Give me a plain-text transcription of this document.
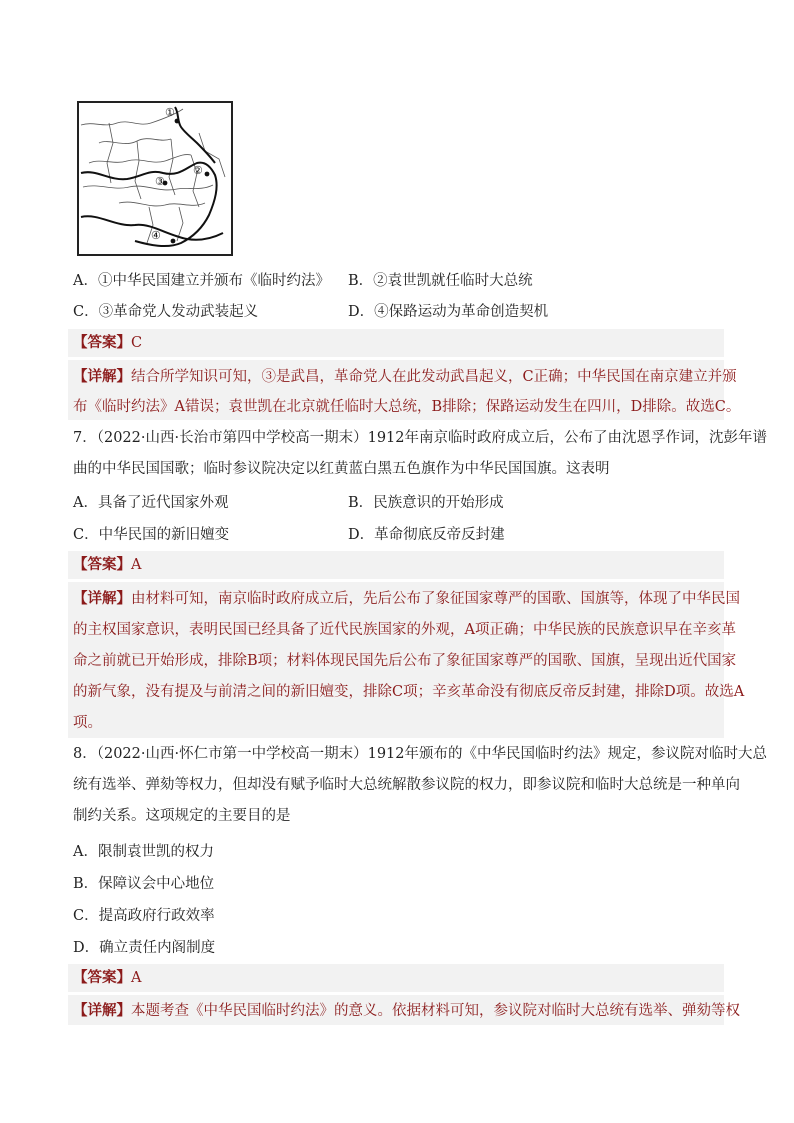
①
②
③
④
A．①中华民国建立并颁布《临时约法》 B．②袁世凯就任临时大总统
C．③革命党人发动武装起义	D．④保路运动为革命创造契机
【答案】C
【详解】结合所学知识可知，③是武昌，革命党人在此发动武昌起义，C正确；中华民国在南京建立并颁
布《临时约法》A错误；袁世凯在北京就任临时大总统，B排除；保路运动发生在四川，D排除。故选C。
7．（2022·山西·长治市第四中学校高一期末）1912年南京临时政府成立后，公布了由沈恩孚作词，沈彭年谱
曲的中华民国国歌；临时参议院决定以红黄蓝白黑五色旗作为中华民国国旗。这表明
A．具备了近代国家外观	B．民族意识的开始形成
C．中华民国的新旧嬗变	D．革命彻底反帝反封建
【答案】A
【详解】由材料可知，南京临时政府成立后，先后公布了象征国家尊严的国歌、国旗等，体现了中华民国
的主权国家意识，表明民国已经具备了近代民族国家的外观，A项正确；中华民族的民族意识早在辛亥革
命之前就已开始形成，排除B项；材料体现民国先后公布了象征国家尊严的国歌、国旗，呈现出近代国家
的新气象，没有提及与前清之间的新旧嬗变，排除C项；辛亥革命没有彻底反帝反封建，排除D项。故选A
项。
8．（2022·山西·怀仁市第一中学校高一期末）1912年颁布的《中华民国临时约法》规定，参议院对临时大总
统有选举、弹劾等权力，但却没有赋予临时大总统解散参议院的权力，即参议院和临时大总统是一种单向
制约关系。这项规定的主要目的是
A．限制袁世凯的权力
B．保障议会中心地位
C．提高政府行政效率
D．确立责任内阁制度
【答案】A
【详解】本题考查《中华民国临时约法》的意义。依据材料可知，参议院对临时大总统有选举、弹劾等权
